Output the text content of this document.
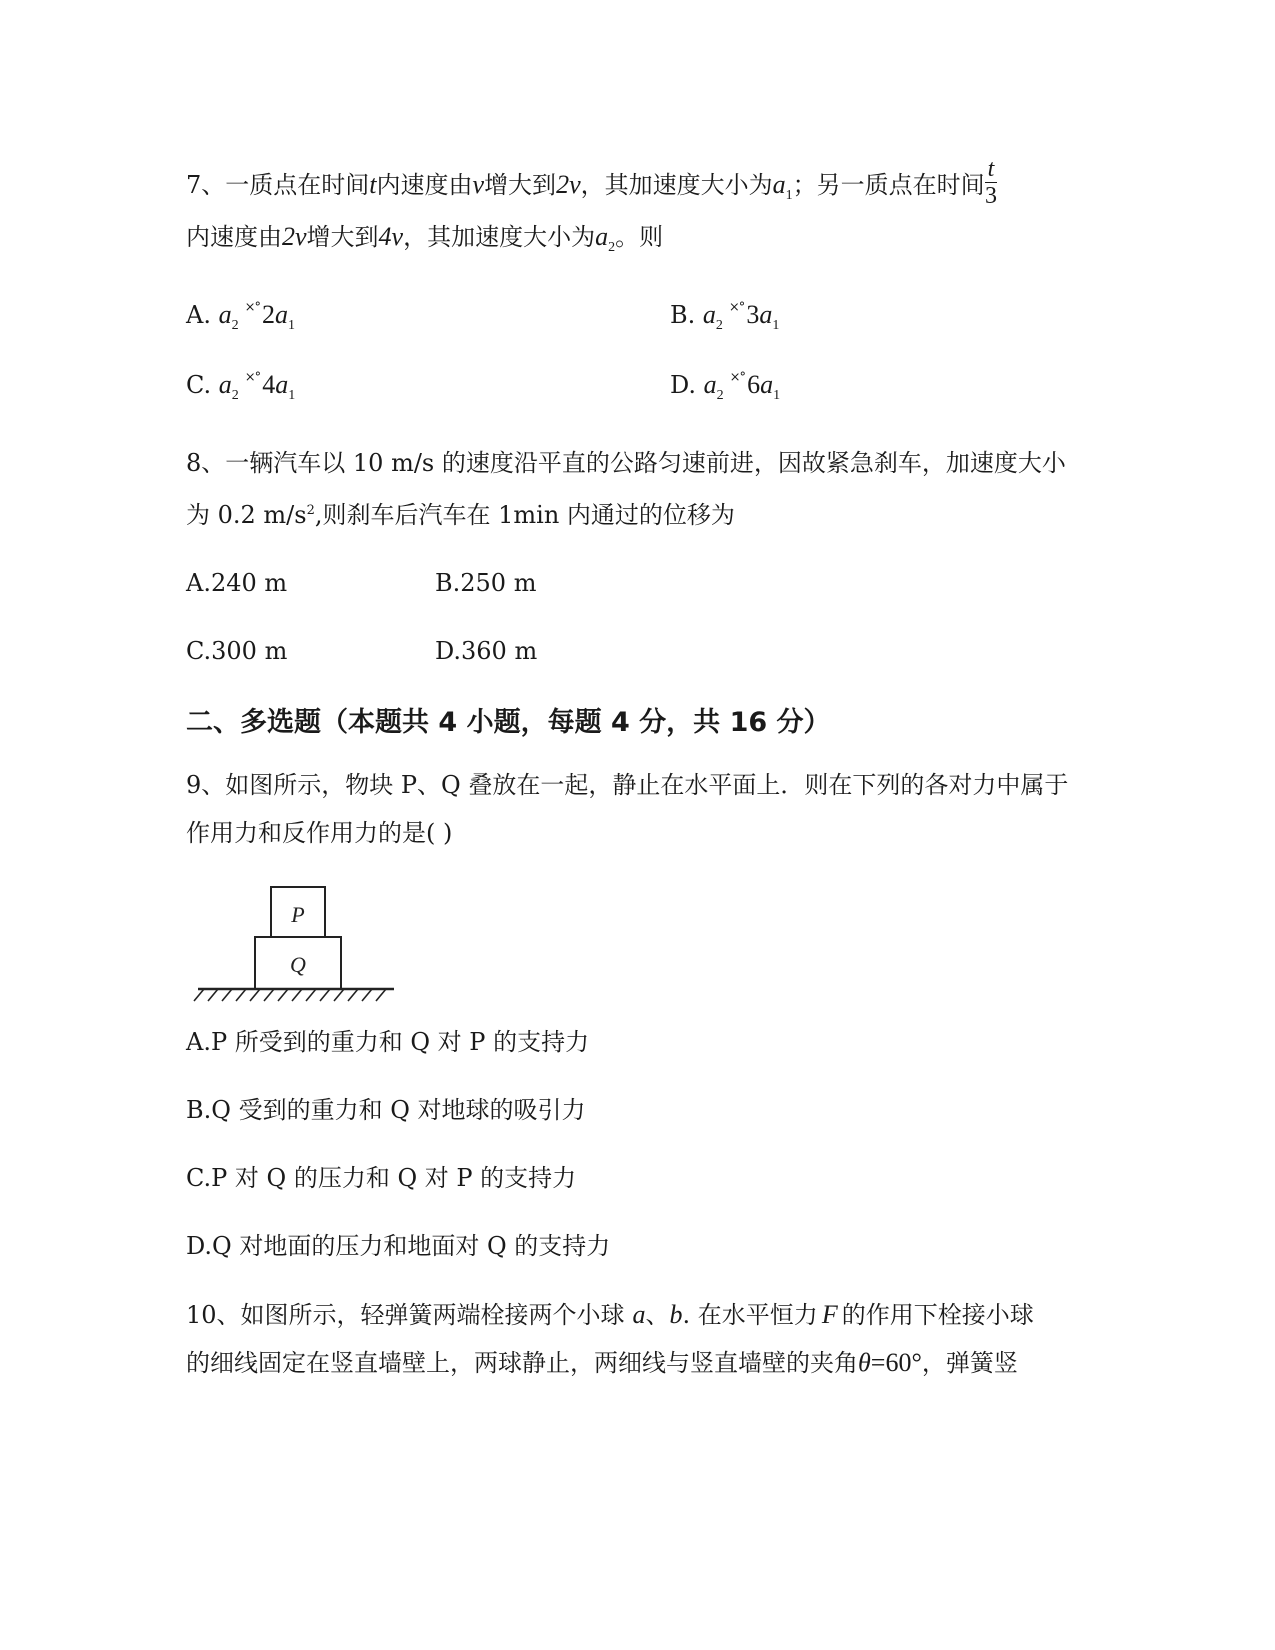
7、一质点在时间t内速度由v增大到2v，其加速度大小为$a_1$；另一质点在时间 $\frac{t}{3}$
内速度由2v增大到4v，其加速度大小为$a_2$。则
A. $a_2^{\times^\circ}2a_1$	B. $a_2^{\times^\circ}3a_1$
C. $a_2^{\times^\circ}4a_1$	D. $a_2^{\times^\circ}6a_1$
8、一辆汽车以 10 m/s 的速度沿平直的公路匀速前进，因故紧急刹车，加速度大小
为 0.2 $m/s^2$,则刹车后汽车在 1min 内通过的位移为
A.240 m	B.250 m
C.300 m	D.360 m
二、多选题（本题共 4 小题，每题 4 分，共 16 分）
9、如图所示，物块 P、Q 叠放在一起，静止在水平面上．则在下列的各对力中属于
作用力和反作用力的是( )
P
Q
A.P 所受到的重力和 Q 对 P 的支持力
B.Q 受到的重力和 Q 对地球的吸引力
C.P 对 Q 的压力和 Q 对 P 的支持力
D.Q 对地面的压力和地面对 Q 的支持力
10、如图所示，轻弹簧两端栓接两个小球 a、b. 在水平恒力 F 的作用下栓接小球
的细线固定在竖直墙壁上，两球静止，两细线与竖直墙壁的夹角θ=60°，弹簧竖
